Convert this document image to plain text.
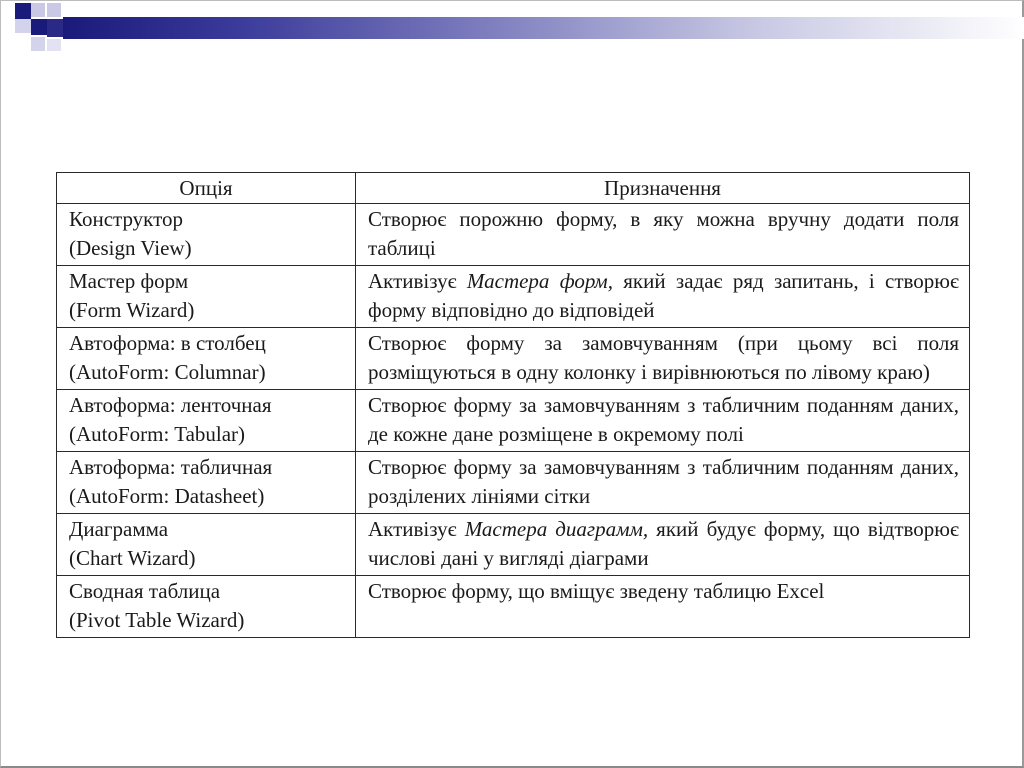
Опція	Призначення

Конструктор
(Design View)	Створює порожню форму, в яку можна вручну додати поля таблиці

Мастер форм
(Form Wizard)	Активізує Мастера форм, який задає ряд запитань, і створює форму відповідно до відповідей

Автоформа: в столбец
(AutoForm: Columnar)	Створює форму за замовчуванням (при цьому всі поля розміщуються в одну колонку і вирівнюються по лівому краю)

Автоформа: ленточная
(AutoForm: Tabular)	Створює форму за замовчуванням з табличним поданням даних, де кожне дане розміщене в окремому полі

Автоформа: табличная
(AutoForm: Datasheet)	Створює форму за замовчуванням з табличним поданням даних, розділених лініями сітки

Диаграмма
(Chart Wizard)	Активізує Мастера диаграмм, який будує форму, що відтворює числові дані у вигляді діаграми

Сводная таблица
(Pivot Table Wizard)	Створює форму, що вміщує зведену таблицю Excel
